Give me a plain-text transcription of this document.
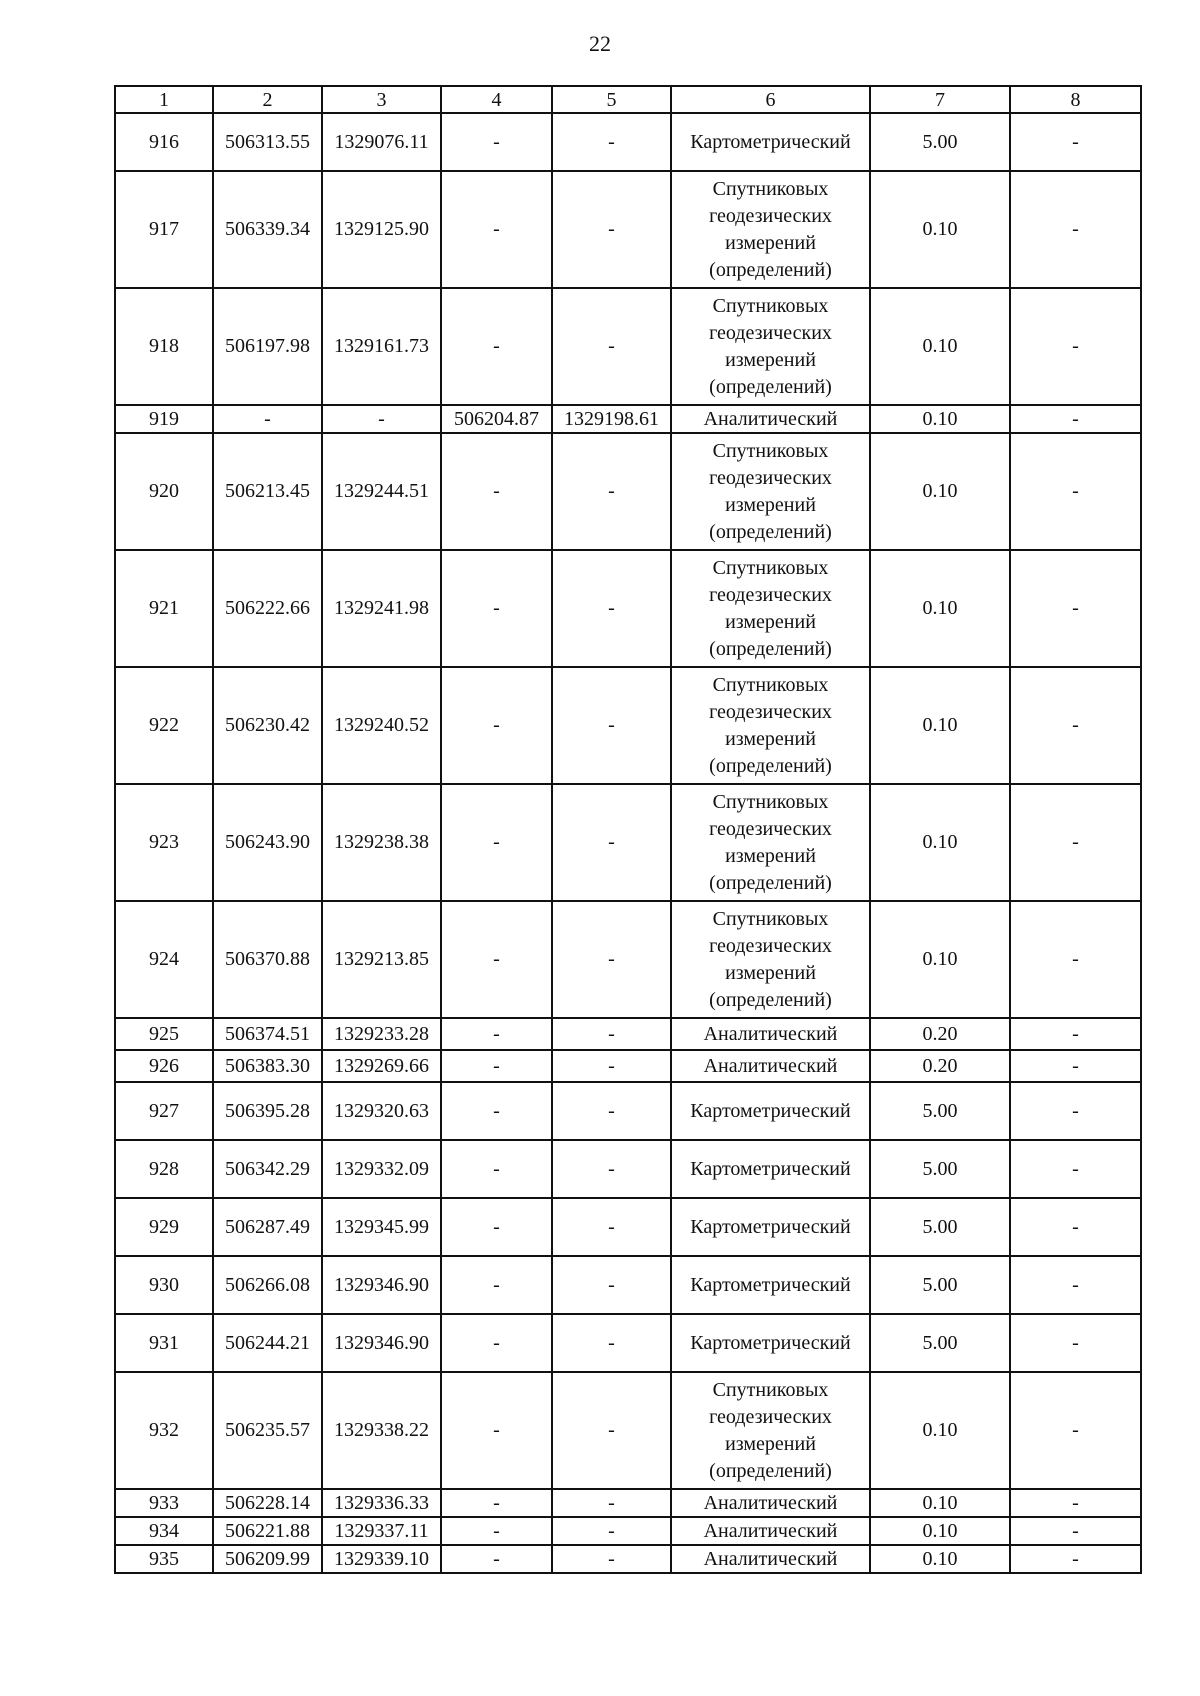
22
1	2	3	4	5	6	7	8
916	506313.55	1329076.11	-	-	Картометрический	5.00	-
917	506339.34	1329125.90	-	-	Спутниковых геодезических измерений (определений)	0.10	-
918	506197.98	1329161.73	-	-	Спутниковых геодезических измерений (определений)	0.10	-
919	-	-	506204.87	1329198.61	Аналитический	0.10	-
920	506213.45	1329244.51	-	-	Спутниковых геодезических измерений (определений)	0.10	-
921	506222.66	1329241.98	-	-	Спутниковых геодезических измерений (определений)	0.10	-
922	506230.42	1329240.52	-	-	Спутниковых геодезических измерений (определений)	0.10	-
923	506243.90	1329238.38	-	-	Спутниковых геодезических измерений (определений)	0.10	-
924	506370.88	1329213.85	-	-	Спутниковых геодезических измерений (определений)	0.10	-
925	506374.51	1329233.28	-	-	Аналитический	0.20	-
926	506383.30	1329269.66	-	-	Аналитический	0.20	-
927	506395.28	1329320.63	-	-	Картометрический	5.00	-
928	506342.29	1329332.09	-	-	Картометрический	5.00	-
929	506287.49	1329345.99	-	-	Картометрический	5.00	-
930	506266.08	1329346.90	-	-	Картометрический	5.00	-
931	506244.21	1329346.90	-	-	Картометрический	5.00	-
932	506235.57	1329338.22	-	-	Спутниковых геодезических измерений (определений)	0.10	-
933	506228.14	1329336.33	-	-	Аналитический	0.10	-
934	506221.88	1329337.11	-	-	Аналитический	0.10	-
935	506209.99	1329339.10	-	-	Аналитический	0.10	-
